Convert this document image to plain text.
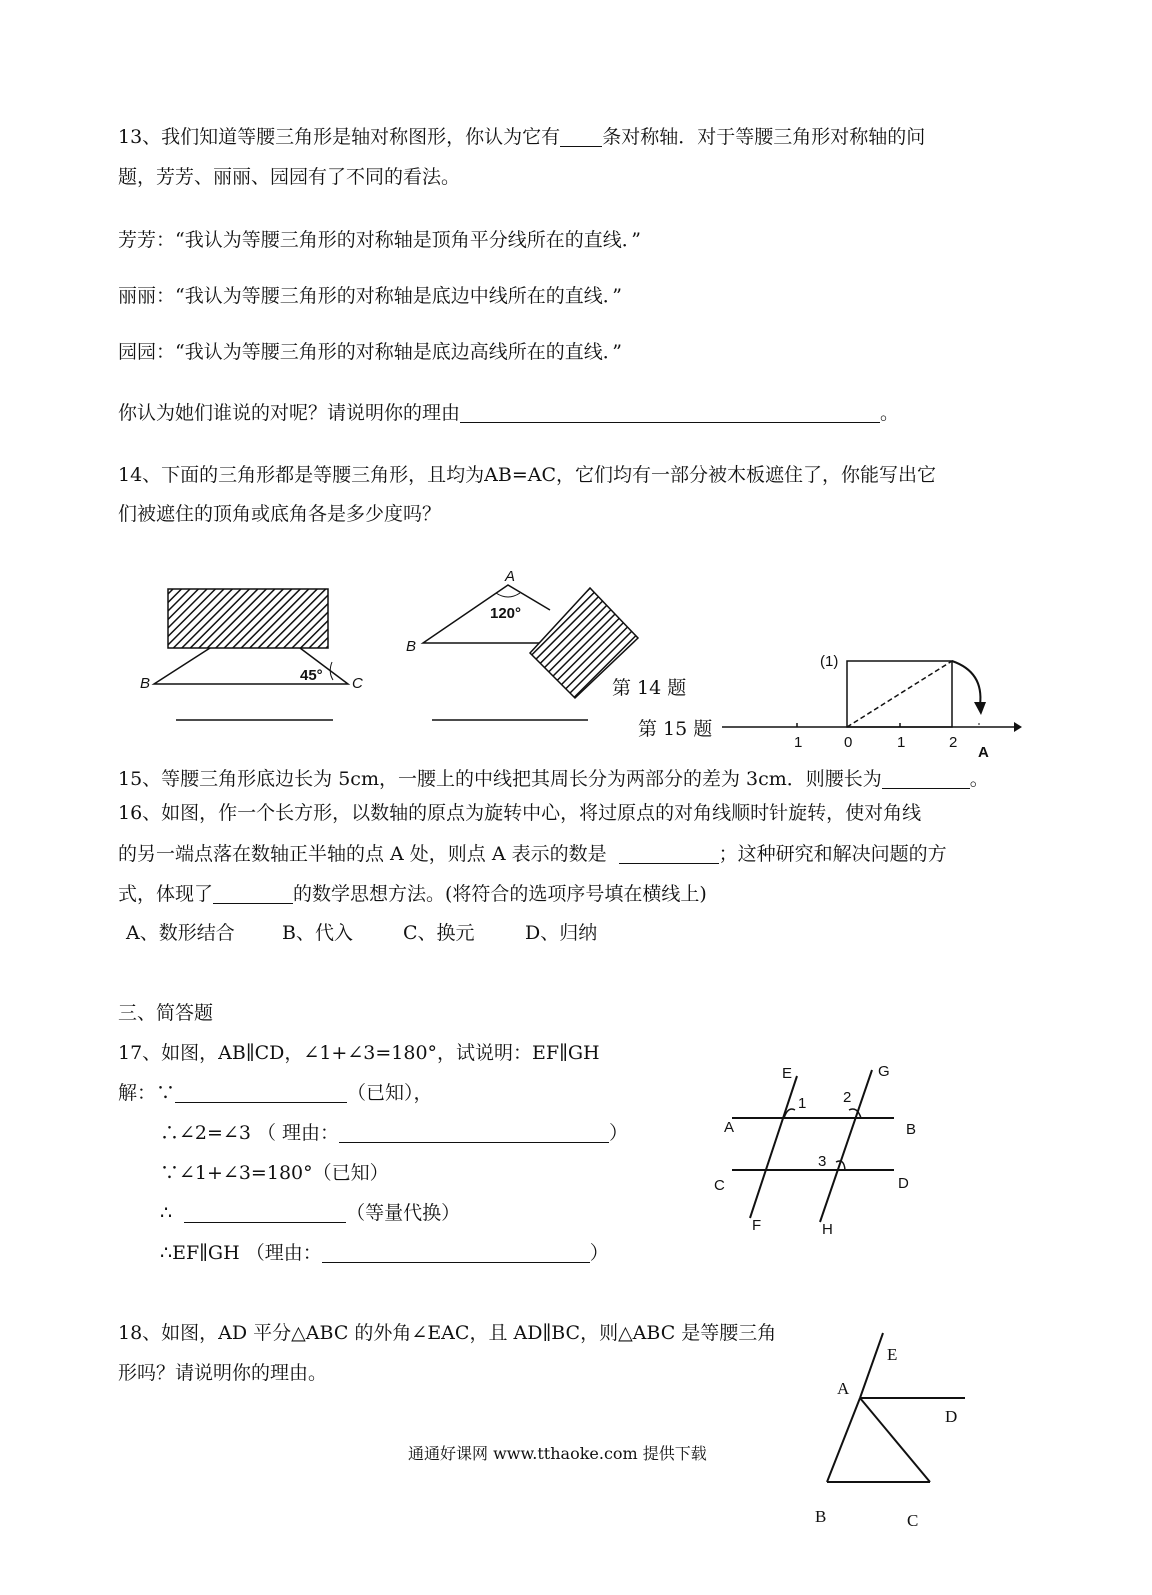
13、我们知道等腰三角形是轴对称图形，你认为它有 条对称轴．对于等腰三角形对称轴的问
题，芳芳、丽丽、园园有了不同的看法。
芳芳：“我认为等腰三角形的对称轴是顶角平分线所在的直线．”
丽丽：“我认为等腰三角形的对称轴是底边中线所在的直线．”
园园：“我认为等腰三角形的对称轴是底边高线所在的直线．”
你认为她们谁说的对呢？请说明你的理由	。
14、下面的三角形都是等腰三角形，且均为AB=AC，它们均有一部分被木板遮住了，你能写出它
们被遮住的顶角或底角各是多少度吗？
B	C
45°
A
B
120°
第 14 题
第 15 题
(1)
1	0	1	2
A
15、等腰三角形底边长为 5cm，一腰上的中线把其周长分为两部分的差为 3cm．则腰长为	。
16、如图，作一个长方形，以数轴的原点为旋转中心，将过原点的对角线顺时针旋转，使对角线
的另一端点落在数轴正半轴的点 A 处，则点 A 表示的数是	；这种研究和解决问题的方
式，体现了	的数学思想方法。(将符合的选项序号填在横线上)
A、数形结合 B、代入	C、换元	D、归纳
三、简答题
17、如图，AB∥CD，∠1+∠3=180°，试说明：EF∥GH
解：∵	（已知），
∴∠2=∠3 （ 理由：	）
∵∠1+∠3=180°（已知）
∴	（等量代换）
∴EF∥GH （理由：	）
E	G
A	B
C	D
F	H
1 2
3
18、如图，AD 平分△ABC 的外角∠EAC，且 AD∥BC，则△ABC 是等腰三角
形吗？请说明你的理由。
E
A
D
B	C
通通好课网 www.tthaoke.com 提供下载
